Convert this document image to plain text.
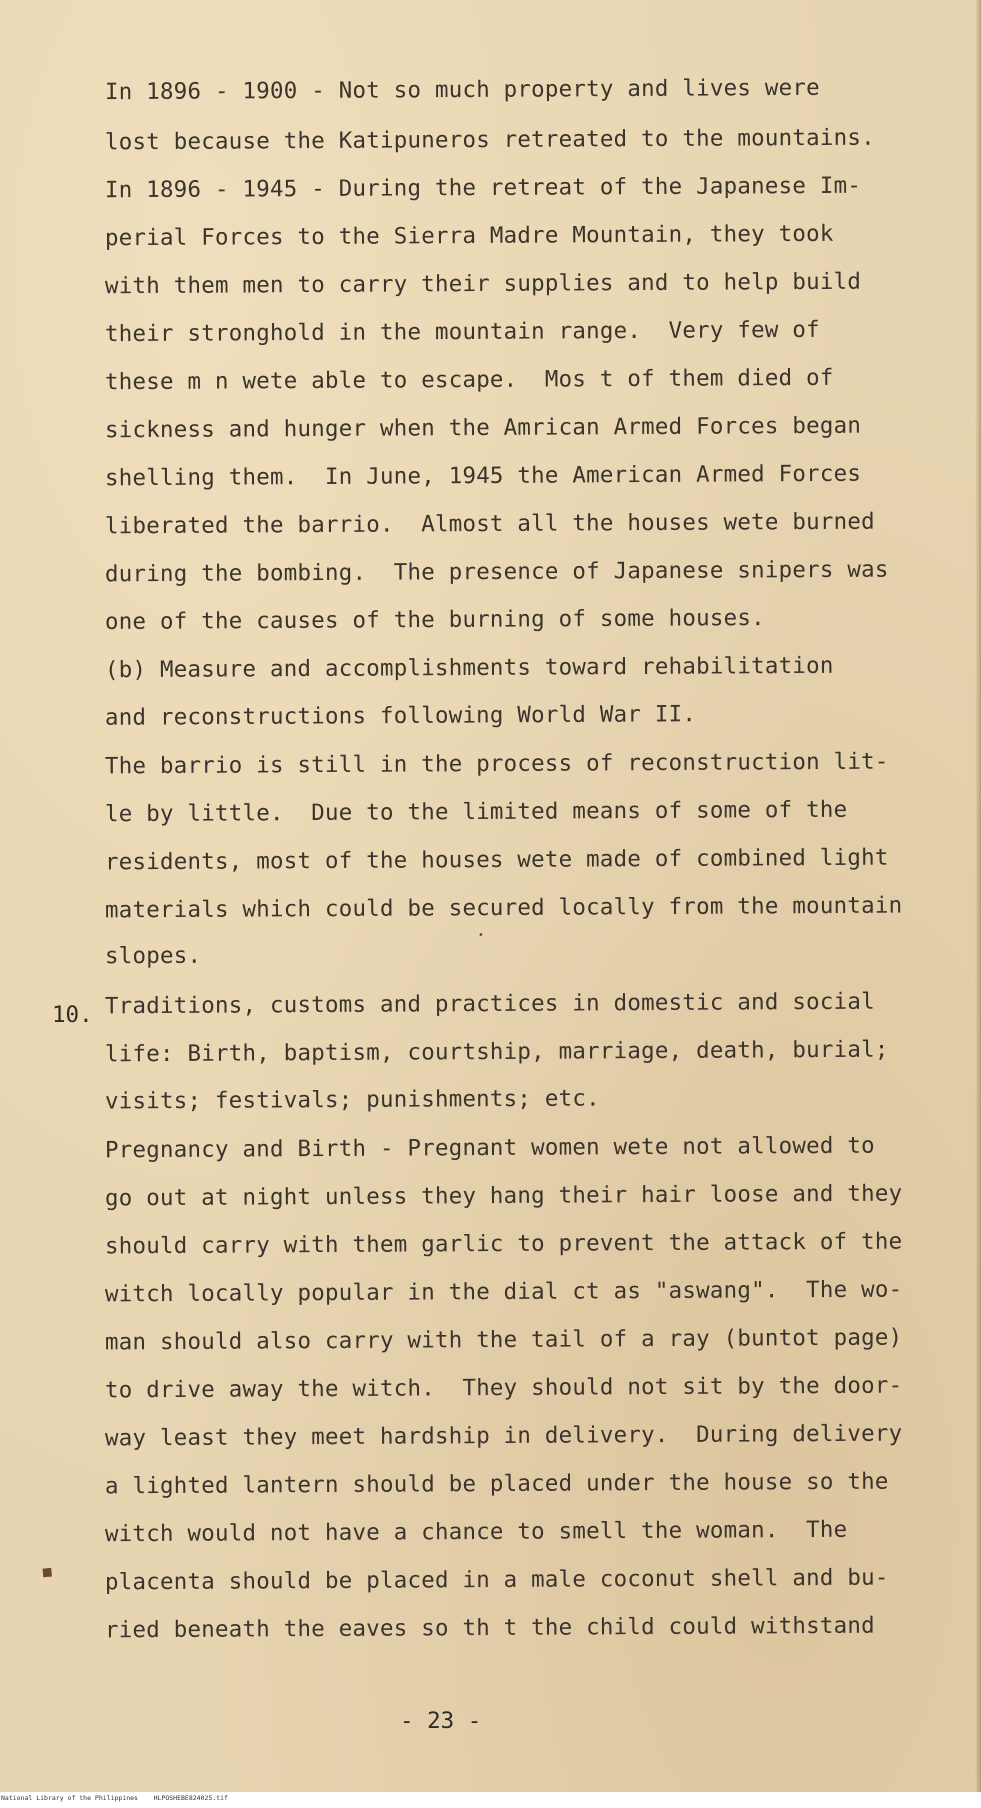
In 1896 - 1900 - Not so much property and lives were
lost because the Katipuneros retreated to the mountains.
In 1896 - 1945 - During the retreat of the Japanese Im-
perial Forces to the Sierra Madre Mountain, they took
with them men to carry their supplies and to help build
their stronghold in the mountain range.  Very few of
these m n wete able to escape.  Mos t of them died of
sickness and hunger when the Amrican Armed Forces began
shelling them.  In June, 1945 the American Armed Forces
liberated the barrio.  Almost all the houses wete burned
during the bombing.  The presence of Japanese snipers was
one of the causes of the burning of some houses.
(b) Measure and accomplishments toward rehabilitation
and reconstructions following World War II.
The barrio is still in the process of reconstruction lit-
le by little.  Due to the limited means of some of the
residents, most of the houses wete made of combined light
materials which could be secured locally from the mountain
slopes.
10. Traditions, customs and practices in domestic and social
life: Birth, baptism, courtship, marriage, death, burial;
visits; festivals; punishments; etc.
Pregnancy and Birth - Pregnant women wete not allowed to
go out at night unless they hang their hair loose and they
should carry with them garlic to prevent the attack of the
witch locally popular in the dial ct as "aswang".  The wo-
man should also carry with the tail of a ray (buntot page)
to drive away the witch.  They should not sit by the door-
way least they meet hardship in delivery.  During delivery
a lighted lantern should be placed under the house so the
witch would not have a chance to smell the woman.  The
placenta should be placed in a male coconut shell and bu-
ried beneath the eaves so th t the child could withstand
◆
•
- 23 -
National Library of the Philippines    HLPOSHEBE824025.tif
